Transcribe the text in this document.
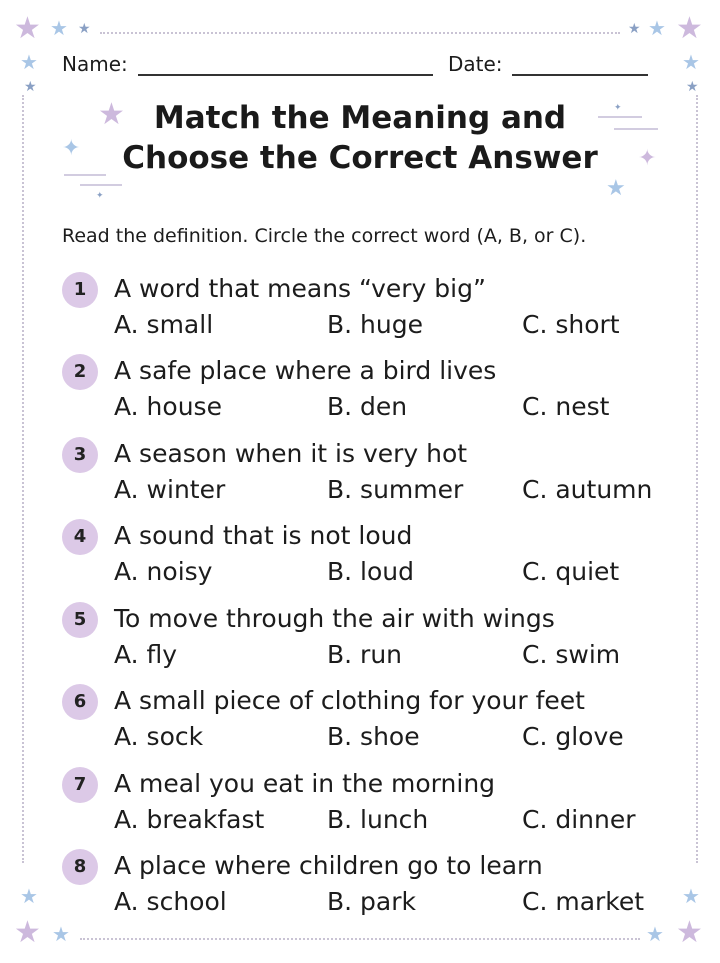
★ ★ ★
★
★
★ ★ ★
★
★
★
★ ★
★
★ ★
★
✦
✦
✦
✦
★
Name:	Date:
Match the Meaning and
Choose the Correct Answer
Read the definition. Circle the correct word (A, B, or C).
1	A word that means “very big”
A. small	B. huge	C. short
2	A safe place where a bird lives
A. house	B. den	C. nest
3	A season when it is very hot
A. winter	B. summer C. autumn
4	A sound that is not loud
A. noisy	B. loud	C. quiet
5	To move through the air with wings
A. fly	B. run	C. swim
6	A small piece of clothing for your feet
A. sock	B. shoe	C. glove
7	A meal you eat in the morning
A. breakfast	B. lunch	C. dinner
8	A place where children go to learn
A. school	B. park	C. market
